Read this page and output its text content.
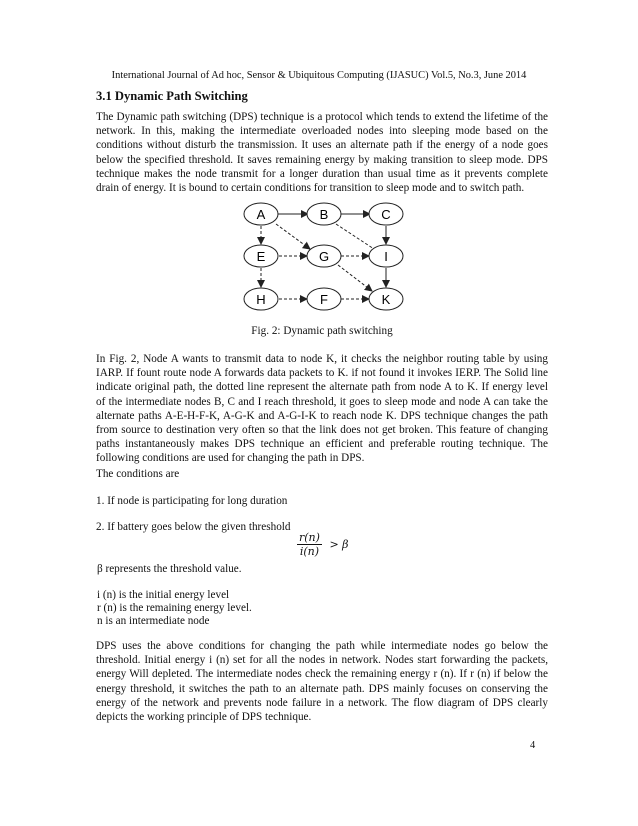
International Journal of Ad hoc, Sensor & Ubiquitous Computing (IJASUC) Vol.5, No.3, June 2014
3.1 Dynamic Path Switching

The Dynamic path switching (DPS) technique is a protocol which tends to extend the lifetime of the network. In this, making the intermediate overloaded nodes into sleeping mode based on the conditions without disturb the transmission. It uses an alternate path if the energy of a node goes below the specified threshold. It saves remaining energy by making transition to sleep mode. DPS technique makes the node transmit for a longer duration than usual time as it prevents complete drain of energy. It is bound to certain conditions for transition to sleep mode and to switch path.

A	B	C
E	G	I
H	F	K
Fig. 2: Dynamic path switching

In Fig. 2, Node A wants to transmit data to node K, it checks the neighbor routing table by using IARP. If fount route node A forwards data packets to K. if not found it invokes IERP. The Solid line indicate original path, the dotted line represent the alternate path from node A to K. If energy level of the intermediate nodes B, C and I reach threshold, it goes to sleep mode and node A can take the alternate paths A-E-H-F-K, A-G-K and A-G-I-K to reach node K. DPS technique changes the path from source to destination very often so that the link does not get broken. This feature of changing paths instantaneously makes DPS technique an efficient and preferable routing technique. The following conditions are used for changing the path in DPS.

The conditions are
1. If node is participating for long duration
2. If battery goes below the given threshold
$\frac{r(n)}{i(n)} > \beta$
β represents the threshold value.
i (n) is the initial energy level
r (n) is the remaining energy level.
n is an intermediate node

DPS uses the above conditions for changing the path while intermediate nodes go below the threshold. Initial energy i (n) set for all the nodes in network. Nodes start forwarding the packets, energy Will depleted. The intermediate nodes check the remaining energy r (n). If r (n) if below the energy threshold, it switches the path to an alternate path. DPS mainly focuses on conserving the energy of the network and prevents node failure in a network. The flow diagram of DPS clearly depicts the working principle of DPS technique.

4
